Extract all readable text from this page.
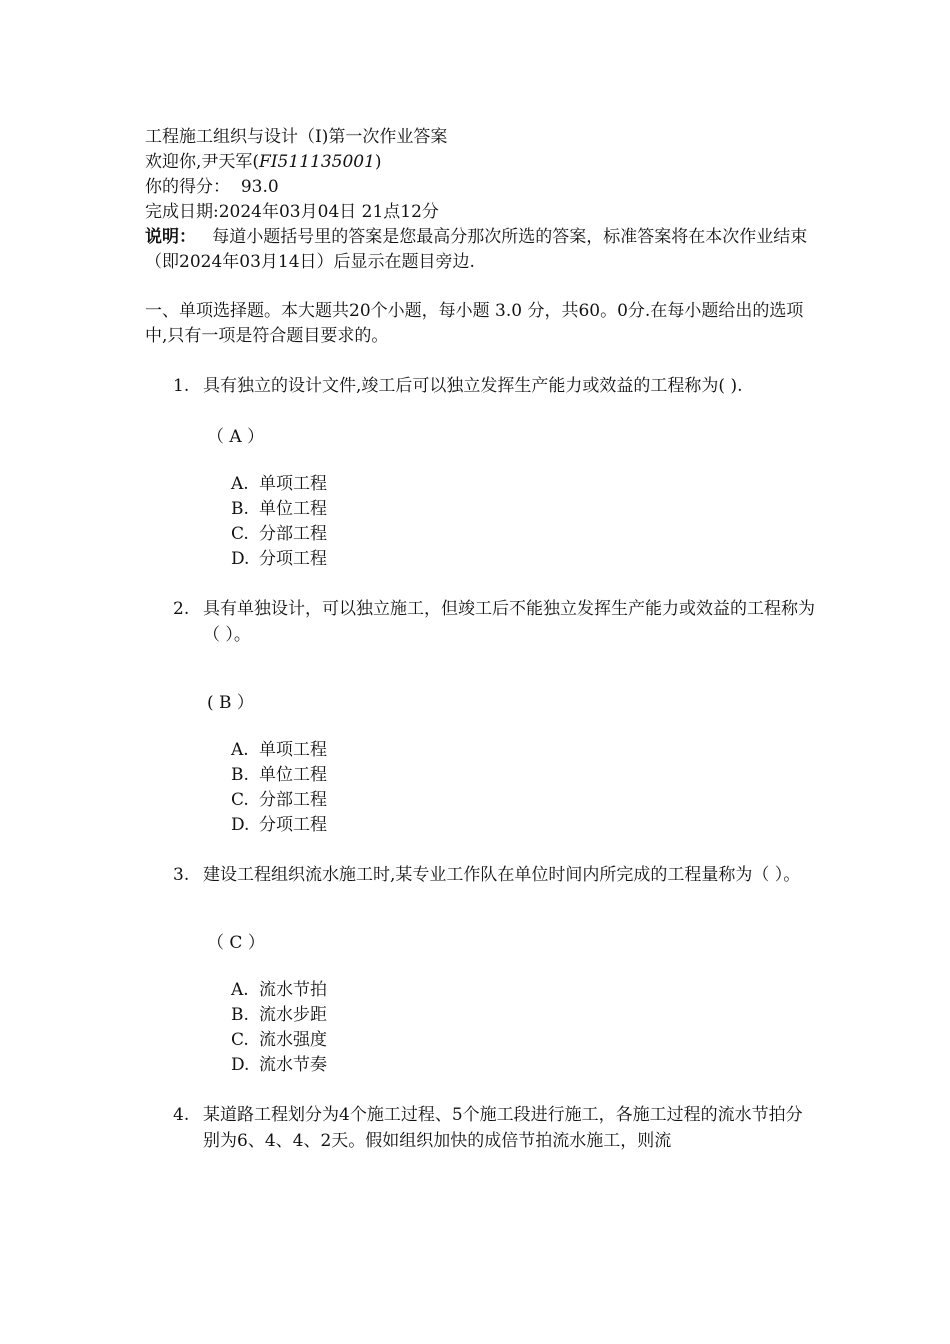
工程施工组织与设计（I)第一次作业答案

欢迎你,尹天军(FI511135001)

你的得分： 93.0

完成日期:2024年03月04日 21点12分

说明： 每道小题括号里的答案是您最高分那次所选的答案，标准答案将在本次作业结束（即2024年03月14日）后显示在题目旁边.

一、单项选择题。本大题共20个小题，每小题 3.0 分，共60。0分.在每小题给出的选项中,只有一项是符合题目要求的。

1. 具有独立的设计文件,竣工后可以独立发挥生产能力或效益的工程称为( ).
（ A ）
A. 单项工程
B. 单位工程
C. 分部工程
D. 分项工程
2. 具有单独设计，可以独立施工，但竣工后不能独立发挥生产能力或效益的工程称为（ ）。
( B ）
A. 单项工程
B. 单位工程
C. 分部工程
D. 分项工程
3. 建设工程组织流水施工时,某专业工作队在单位时间内所完成的工程量称为（ ）。
（ C ）
A. 流水节拍
B. 流水步距
C. 流水强度
D. 流水节奏
4. 某道路工程划分为4个施工过程、5个施工段进行施工，各施工过程的流水节拍分别为6、4、4、2天。假如组织加快的成倍节拍流水施工，则流
